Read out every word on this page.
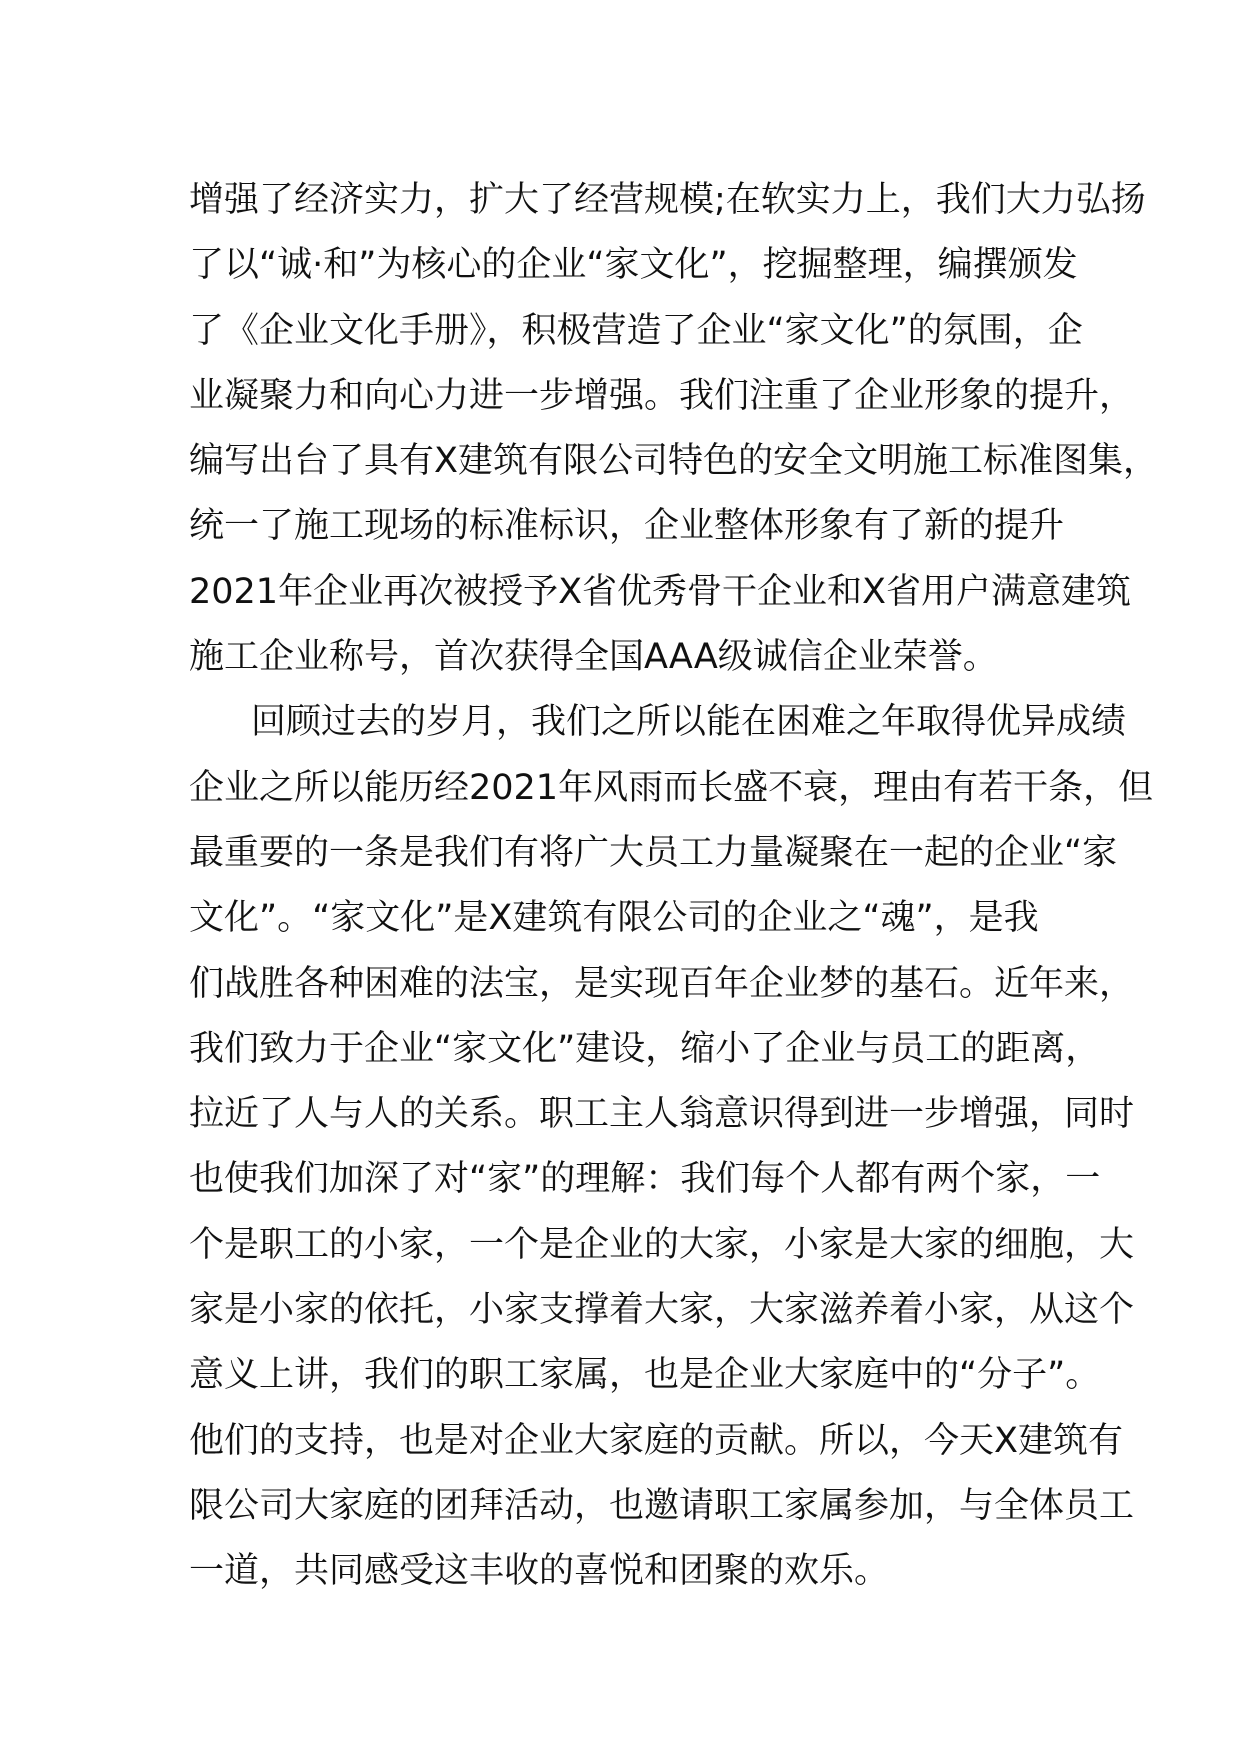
增强了经济实力，扩大了经营规模;在软实力上，我们大力弘扬
了以“诚·和”为核心的企业“家文化”，挖掘整理，编撰颁发
了《企业文化手册》，积极营造了企业“家文化”的氛围，企
业凝聚力和向心力进一步增强。我们注重了企业形象的提升，
编写出台了具有X建筑有限公司特色的安全文明施工标准图集，
统一了施工现场的标准标识，企业整体形象有了新的提升
2021年企业再次被授予X省优秀骨干企业和X省用户满意建筑
施工企业称号，首次获得全国AAA级诚信企业荣誉。
回顾过去的岁月，我们之所以能在困难之年取得优异成绩
企业之所以能历经2021年风雨而长盛不衰，理由有若干条，但
最重要的一条是我们有将广大员工力量凝聚在一起的企业“家
文化”。“家文化”是X建筑有限公司的企业之“魂”，是我
们战胜各种困难的法宝，是实现百年企业梦的基石。近年来，
我们致力于企业“家文化”建设，缩小了企业与员工的距离，
拉近了人与人的关系。职工主人翁意识得到进一步增强，同时
也使我们加深了对“家”的理解：我们每个人都有两个家，一
个是职工的小家，一个是企业的大家，小家是大家的细胞，大
家是小家的依托，小家支撑着大家，大家滋养着小家，从这个
意义上讲，我们的职工家属，也是企业大家庭中的“分子”。
他们的支持，也是对企业大家庭的贡献。所以，今天X建筑有
限公司大家庭的团拜活动，也邀请职工家属参加，与全体员工
一道，共同感受这丰收的喜悦和团聚的欢乐。
